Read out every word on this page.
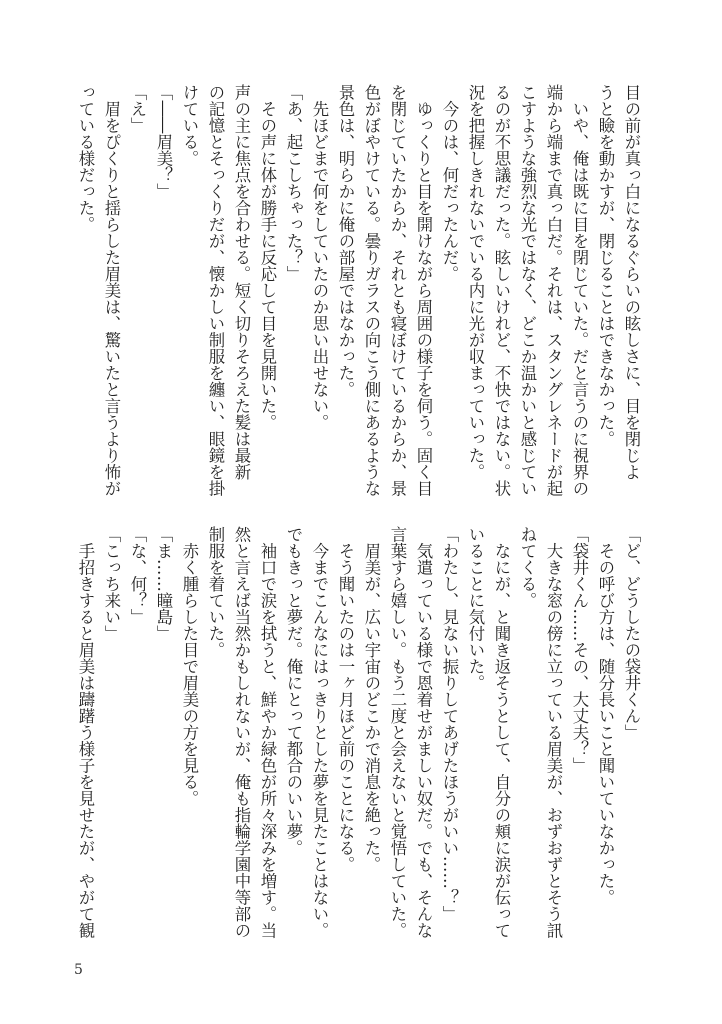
目の前が真っ白になるぐらいの眩しさに、目を閉じよ
うと瞼を動かすが、閉じることはできなかった。
　いや、俺は既に目を閉じていた。だと言うのに視界の
端から端まで真っ白だ。それは、スタングレネードが起
こすような強烈な光ではなく、どこか温かいと感じてい
るのが不思議だった。眩しいけれど、不快ではない。状
況を把握しきれないでいる内に光が収まっていった。
　今のは、何だったんだ。
　ゆっくりと目を開けながら周囲の様子を伺う。固く目
を閉じていたからか、それとも寝ぼけているからか、景
色がぼやけている。曇りガラスの向こう側にあるような
景色は、明らかに俺の部屋ではなかった。
　先ほどまで何をしていたのか思い出せない。
「あ、起こしちゃった？」
　その声に体が勝手に反応して目を見開いた。
声の主に焦点を合わせる。短く切りそろえた髪は最新
の記憶とそっくりだが、懐かしい制服を纏い、眼鏡を掛
けている。
「――眉美？」
「え」
　眉をぴくりと揺らした眉美は、驚いたと言うより怖が
っている様だった。
「ど、どうしたの袋井くん」
　その呼び方は、随分長いこと聞いていなかった。
「袋井くん……その、大丈夫？」
　大きな窓の傍に立っている眉美が、おずおずとそう訊
ねてくる。
　なにが、と聞き返そうとして、自分の頬に涙が伝って
いることに気付いた。
「わたし、見ない振りしてあげたほうがいい……？」
　気遣っている様で恩着せがましい奴だ。でも、そんな
言葉すら嬉しい。もう二度と会えないと覚悟していた。
　眉美が、広い宇宙のどこかで消息を絶った。
　そう聞いたのは一ヶ月ほど前のことになる。
　今までこんなにはっきりとした夢を見たことはない。
でもきっと夢だ。俺にとって都合のいい夢。
　袖口で涙を拭うと、鮮やか緑色が所々深みを増す。当
然と言えば当然かもしれないが、俺も指輪学園中等部の
制服を着ていた。
　赤く腫らした目で眉美の方を見る。
「ま……瞳島」
「な、何？」
「こっち来い」
　手招きすると眉美は躊躇う様子を見せたが、やがて観
5
